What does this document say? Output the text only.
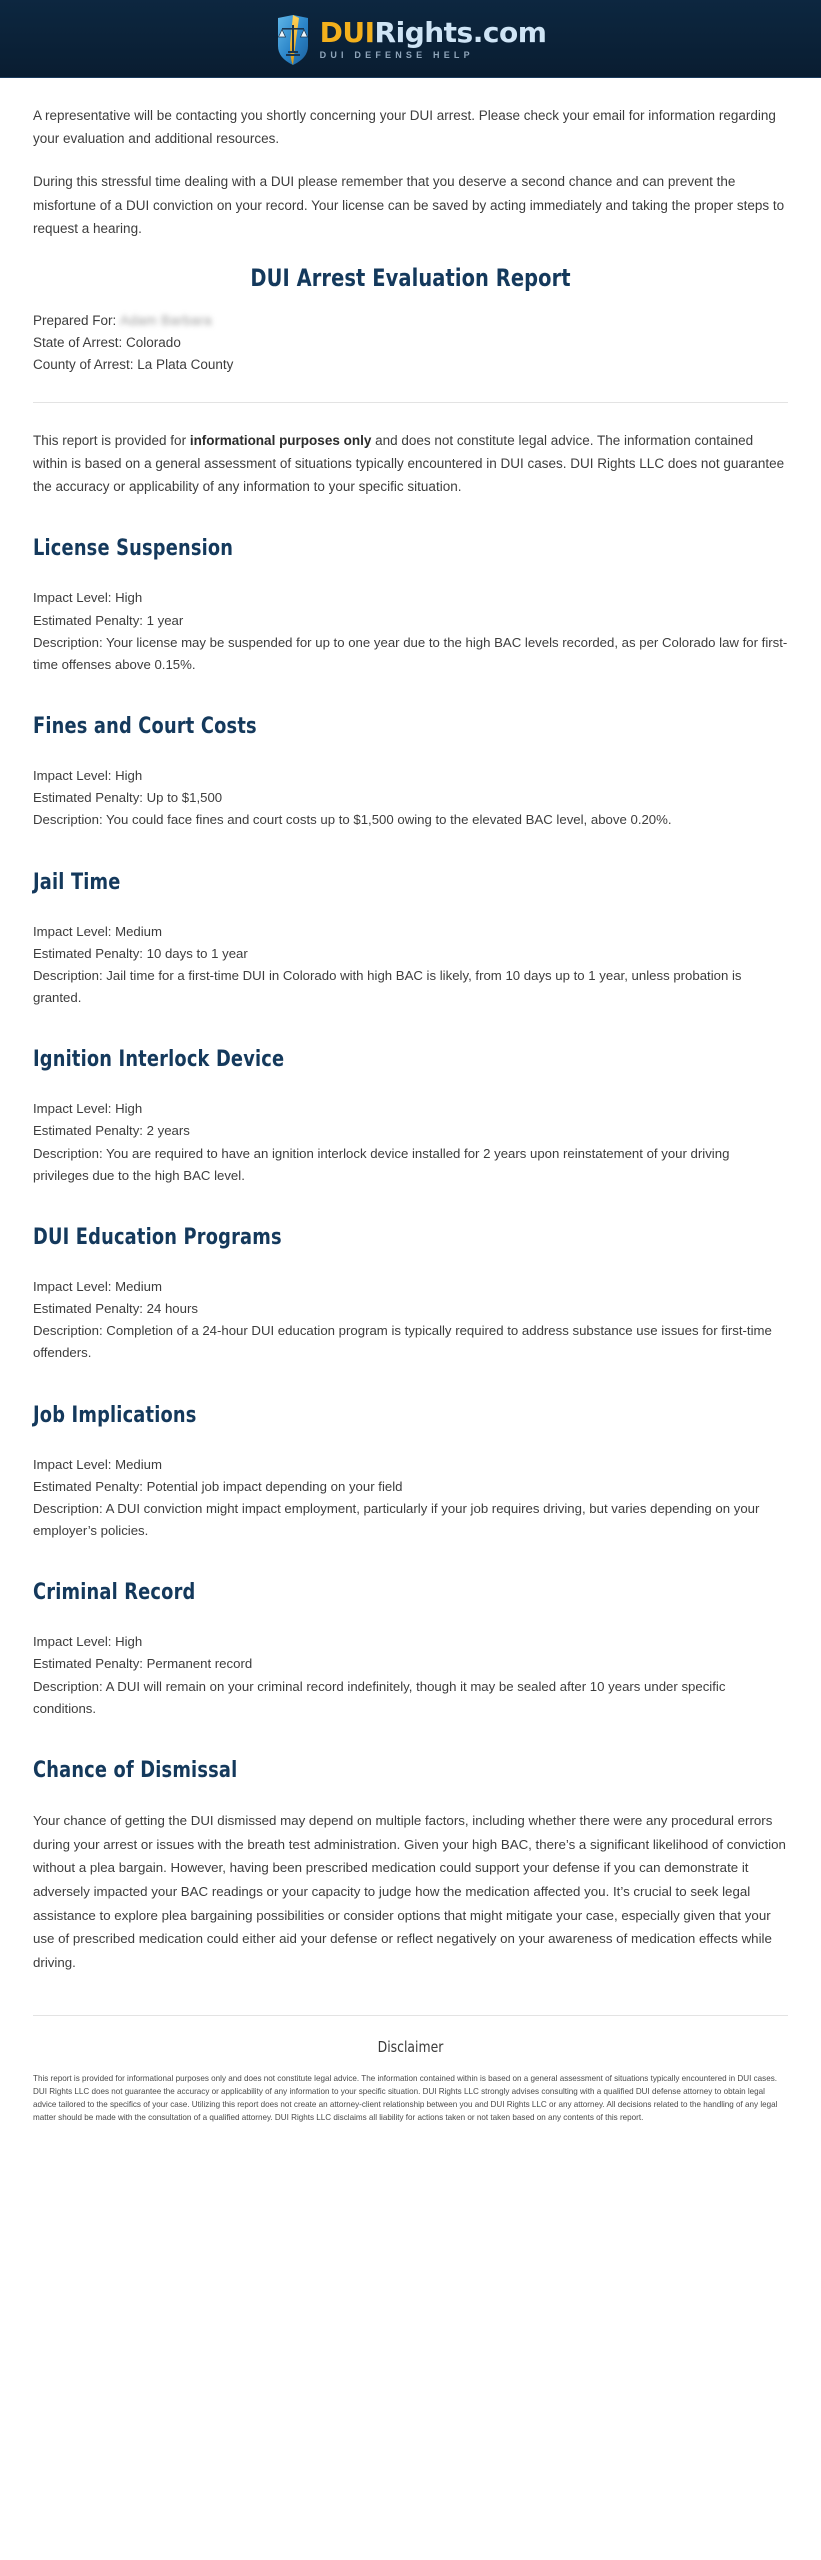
DUIRights.com
DUI DEFENSE HELP

A representative will be contacting you shortly concerning your DUI arrest. Please check your email for information regarding your evaluation and additional resources.

During this stressful time dealing with a DUI please remember that you deserve a second chance and can prevent the misfortune of a DUI conviction on your record. Your license can be saved by acting immediately and taking the proper steps to request a hearing.

DUI Arrest Evaluation Report
Prepared For: Adam Barbara
State of Arrest: Colorado
County of Arrest: La Plata County

This report is provided for informational purposes only and does not constitute legal advice. The information contained within is based on a general assessment of situations typically encountered in DUI cases. DUI Rights LLC does not guarantee the accuracy or applicability of any information to your specific situation.

License Suspension

Impact Level: High
Estimated Penalty: 1 year
Description: Your license may be suspended for up to one year due to the high BAC levels recorded, as per Colorado law for first-time offenses above 0.15%.

Fines and Court Costs

Impact Level: High
Estimated Penalty: Up to $1,500
Description: You could face fines and court costs up to $1,500 owing to the elevated BAC level, above 0.20%.

Jail Time

Impact Level: Medium
Estimated Penalty: 10 days to 1 year
Description: Jail time for a first-time DUI in Colorado with high BAC is likely, from 10 days up to 1 year, unless probation is granted.

Ignition Interlock Device

Impact Level: High
Estimated Penalty: 2 years
Description: You are required to have an ignition interlock device installed for 2 years upon reinstatement of your driving privileges due to the high BAC level.

DUI Education Programs

Impact Level: Medium
Estimated Penalty: 24 hours
Description: Completion of a 24-hour DUI education program is typically required to address substance use issues for first-time offenders.

Job Implications

Impact Level: Medium
Estimated Penalty: Potential job impact depending on your field
Description: A DUI conviction might impact employment, particularly if your job requires driving, but varies depending on your employer’s policies.

Criminal Record

Impact Level: High
Estimated Penalty: Permanent record
Description: A DUI will remain on your criminal record indefinitely, though it may be sealed after 10 years under specific conditions.

Chance of Dismissal

Your chance of getting the DUI dismissed may depend on multiple factors, including whether there were any procedural errors during your arrest or issues with the breath test administration. Given your high BAC, there’s a significant likelihood of conviction without a plea bargain. However, having been prescribed medication could support your defense if you can demonstrate it adversely impacted your BAC readings or your capacity to judge how the medication affected you. It’s crucial to seek legal assistance to explore plea bargaining possibilities or consider options that might mitigate your case, especially given that your use of prescribed medication could either aid your defense or reflect negatively on your awareness of medication effects while driving.

Disclaimer

This report is provided for informational purposes only and does not constitute legal advice. The information contained within is based on a general assessment of situations typically encountered in DUI cases. DUI Rights LLC does not guarantee the accuracy or applicability of any information to your specific situation. DUI Rights LLC strongly advises consulting with a qualified DUI defense attorney to obtain legal advice tailored to the specifics of your case. Utilizing this report does not create an attorney-client relationship between you and DUI Rights LLC or any attorney. All decisions related to the handling of any legal matter should be made with the consultation of a qualified attorney. DUI Rights LLC disclaims all liability for actions taken or not taken based on any contents of this report.
